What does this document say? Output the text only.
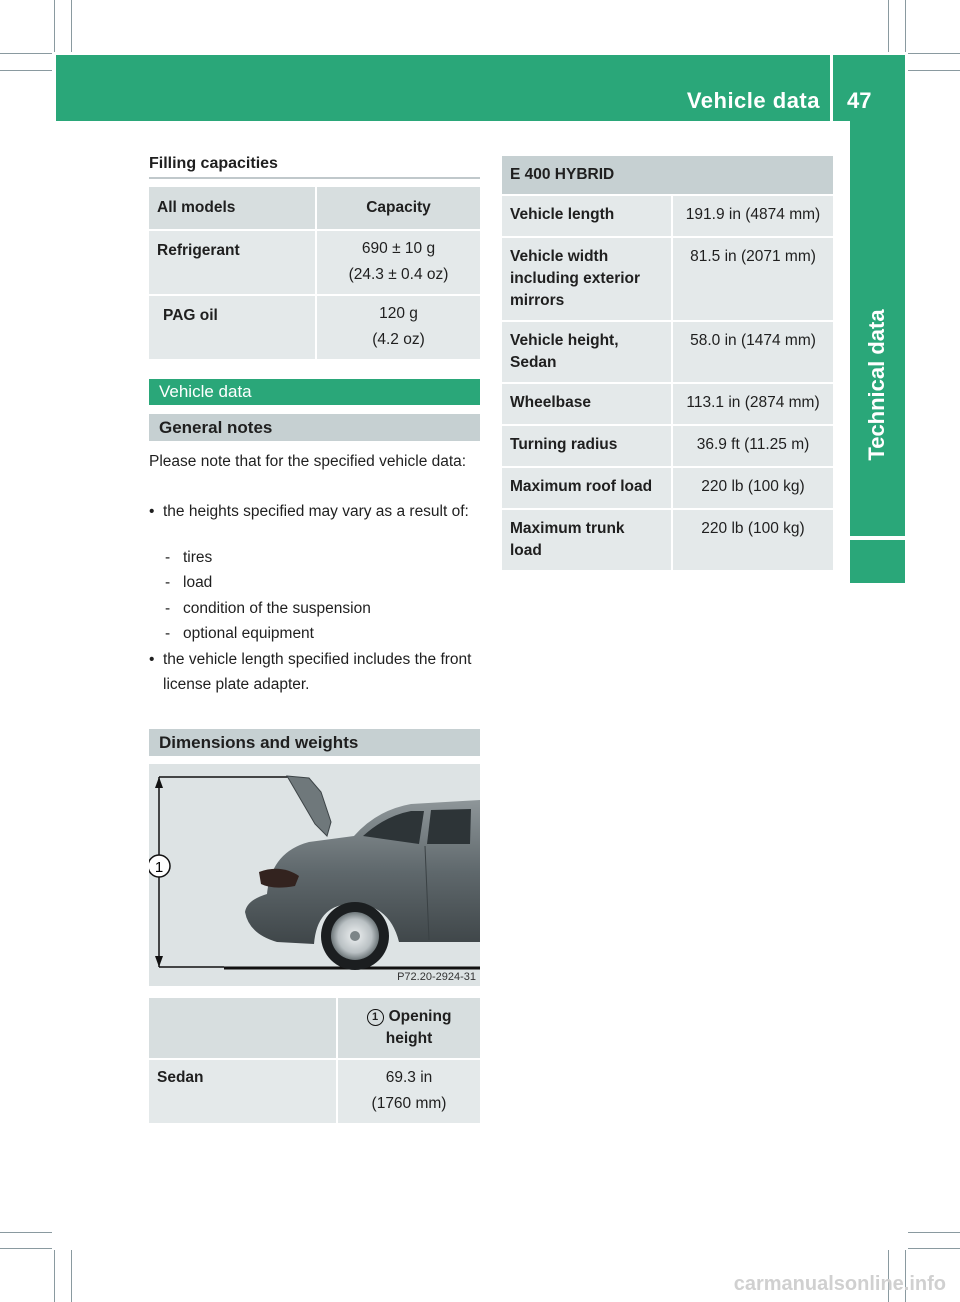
Vehicle data 47
Technical data
Filling capacities
All models	Capacity
Refrigerant	690 ± 10 g
(24.3 ± 0.4 oz)

PAG oil	120 g
(4.2 oz)
Vehicle data
General notes
Please note that for the specified vehicle data:
• the heights specified may vary as a result of:
- tires
- load
- condition of the suspension
- optional equipment
• the vehicle length specified includes the front license plate adapter.
Dimensions and weights
1
P72.20-2924-31
	1 Opening height
Sedan	69.3 in
(1760 mm)
E 400 HYBRID	
Vehicle length	191.9 in (4874 mm)
Vehicle width including exterior mirrors	81.5 in (2071 mm)
Vehicle height, Sedan	58.0 in (1474 mm)
Wheelbase	113.1 in (2874 mm)
Turning radius	36.9 ft (11.25 m)
Maximum roof load	220 lb (100 kg)
Maximum trunk load	220 lb (100 kg)
carmanualsonline.info
